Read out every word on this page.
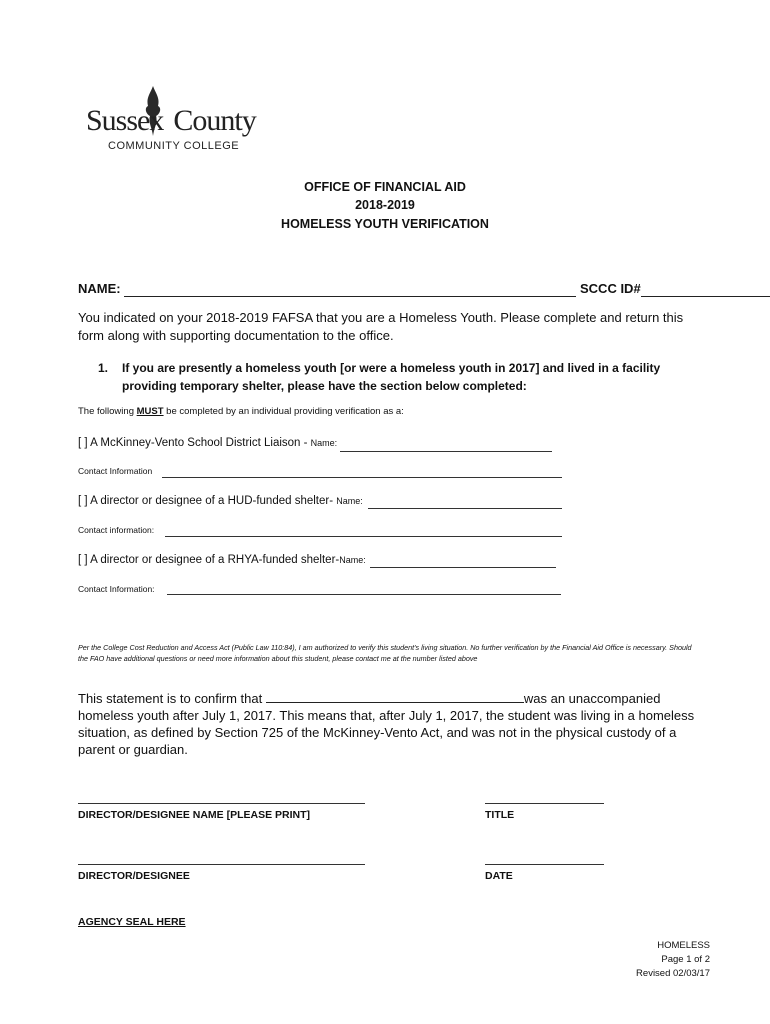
Sussex County
COMMUNITY COLLEGE
OFFICE OF FINANCIAL AID
2018-2019
HOMELESS YOUTH VERIFICATION
NAME:	SCCC ID#
You indicated on your 2018-2019 FAFSA that you are a Homeless Youth. Please complete and return this form along with supporting documentation to the office.
1. If you are presently a homeless youth [or were a homeless youth in 2017] and lived in a facility providing temporary shelter, please have the section below completed:
The following MUST be completed by an individual providing verification as a:
[ ] A McKinney-Vento School District Liaison - Name:
Contact Information
[ ] A director or designee of a HUD-funded shelter- Name:
Contact information:
[ ] A director or designee of a RHYA-funded shelter-Name:
Contact Information:
Per the College Cost Reduction and Access Act (Public Law 110:84), I am authorized to verify this student's living situation. No further verification by the Financial Aid Office is necessary. Should the FAO have additional questions or need more information about this student, please contact me at the number listed above
This statement is to confirm that	was an unaccompanied homeless youth after July 1, 2017. This means that, after July 1, 2017, the student was living in a homeless situation, as defined by Section 725 of the McKinney-Vento Act, and was not in the physical custody of a parent or guardian.
DIRECTOR/DESIGNEE NAME [PLEASE PRINT]	TITLE
DIRECTOR/DESIGNEE	DATE
AGENCY SEAL HERE
HOMELESS
Page 1 of 2
Revised 02/03/17
